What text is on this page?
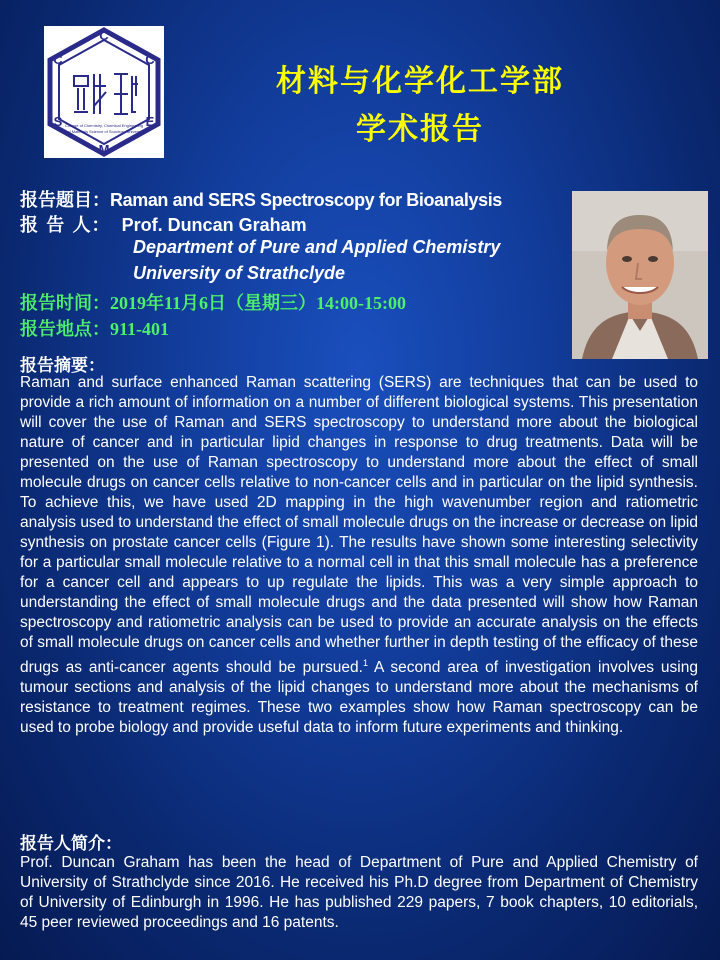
C
C
E
M
S
C
College of Chemistry, Chemical Engineering
and Materials Science of Soochow University
材料与化学化工学部
学术报告
报告题目：Raman and SERS Spectroscopy for Bioanalysis
报 告 人： Prof. Duncan Graham
Department of Pure and Applied Chemistry
University of Strathclyde
报告时间：2019年11月6日（星期三）14:00-15:00
报告地点：911-401
报告摘要：
Raman and surface enhanced Raman scattering (SERS) are techniques that can be used to provide a rich amount of information on a number of different biological systems. This presentation will cover the use of Raman and SERS spectroscopy to understand more about the biological nature of cancer and in particular lipid changes in response to drug treatments. Data will be presented on the use of Raman spectroscopy to understand more about the effect of small molecule drugs on cancer cells relative to non-cancer cells and in particular on the lipid synthesis. To achieve this, we have used 2D mapping in the high wavenumber region and ratiometric analysis used to understand the effect of small molecule drugs on the increase or decrease on lipid synthesis on prostate cancer cells (Figure 1). The results have shown some interesting selectivity for a particular small molecule relative to a normal cell in that this small molecule has a preference for a cancer cell and appears to up regulate the lipids. This was a very simple approach to understanding the effect of small molecule drugs and the data presented will show how Raman spectroscopy and ratiometric analysis can be used to provide an accurate analysis on the effects of small molecule drugs on cancer cells and whether further in depth testing of the efficacy of these drugs as anti-cancer agents should be pursued.$^1$ A second area of investigation involves using tumour sections and analysis of the lipid changes to understand more about the mechanisms of resistance to treatment regimes. These two examples show how Raman spectroscopy can be used to probe biology and provide useful data to inform future experiments and thinking.
报告人简介：
Prof. Duncan Graham has been the head of Department of Pure and Applied Chemistry of University of Strathclyde since 2016. He received his Ph.D degree from Department of Chemistry of University of Edinburgh in 1996. He has published 229 papers, 7 book chapters, 10 editorials, 45 peer reviewed proceedings and 16 patents.
